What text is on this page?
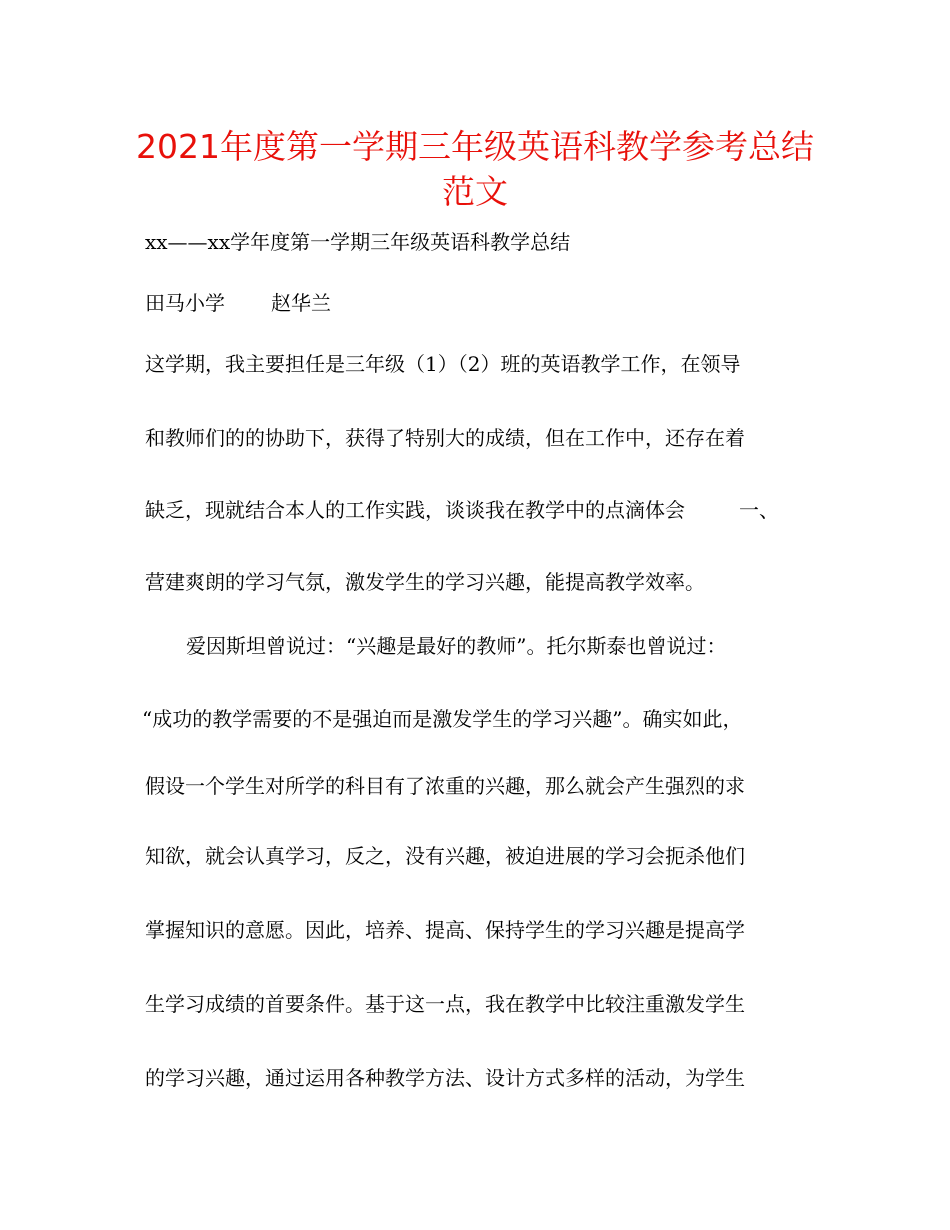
2021年度第一学期三年级英语科教学参考总结
范文
xx——xx学年度第一学期三年级英语科教学总结
田马小学 赵华兰
这学期，我主要担任是三年级（1）（2）班的英语教学工作，在领导
和教师们的的协助下，获得了特别大的成绩，但在工作中，还存在着
缺乏，现就结合本人的工作实践，谈谈我在教学中的点滴体会	一、
营建爽朗的学习气氛，激发学生的学习兴趣，能提高教学效率。
爱因斯坦曾说过：“兴趣是最好的教师”。托尔斯泰也曾说过：
“成功的教学需要的不是强迫而是激发学生的学习兴趣”。确实如此，
假设一个学生对所学的科目有了浓重的兴趣，那么就会产生强烈的求
知欲，就会认真学习，反之，没有兴趣，被迫进展的学习会扼杀他们
掌握知识的意愿。因此，培养、提高、保持学生的学习兴趣是提高学
生学习成绩的首要条件。基于这一点，我在教学中比较注重激发学生
的学习兴趣，通过运用各种教学方法、设计方式多样的活动，为学生
